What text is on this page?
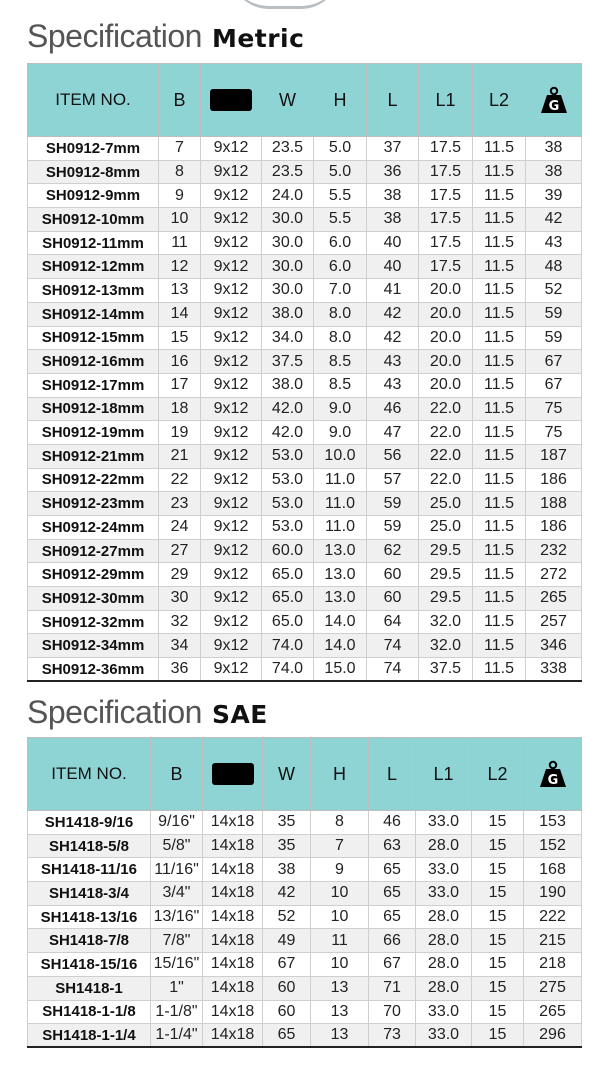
Specification Metric
ITEM NO.	B		W	H	L	L1	L2	G

SH0912-7mm	7	9x12	23.5	5.0	37	17.5	11.5	38
SH0912-8mm	8	9x12	23.5	5.0	36	17.5	11.5	38
SH0912-9mm	9	9x12	24.0	5.5	38	17.5	11.5	39
SH0912-10mm	10	9x12	30.0	5.5	38	17.5	11.5	42
SH0912-11mm	11	9x12	30.0	6.0	40	17.5	11.5	43
SH0912-12mm	12	9x12	30.0	6.0	40	17.5	11.5	48
SH0912-13mm	13	9x12	30.0	7.0	41	20.0	11.5	52
SH0912-14mm	14	9x12	38.0	8.0	42	20.0	11.5	59
SH0912-15mm	15	9x12	34.0	8.0	42	20.0	11.5	59
SH0912-16mm	16	9x12	37.5	8.5	43	20.0	11.5	67
SH0912-17mm	17	9x12	38.0	8.5	43	20.0	11.5	67
SH0912-18mm	18	9x12	42.0	9.0	46	22.0	11.5	75
SH0912-19mm	19	9x12	42.0	9.0	47	22.0	11.5	75
SH0912-21mm	21	9x12	53.0	10.0	56	22.0	11.5	187
SH0912-22mm	22	9x12	53.0	11.0	57	22.0	11.5	186
SH0912-23mm	23	9x12	53.0	11.0	59	25.0	11.5	188
SH0912-24mm	24	9x12	53.0	11.0	59	25.0	11.5	186
SH0912-27mm	27	9x12	60.0	13.0	62	29.5	11.5	232
SH0912-29mm	29	9x12	65.0	13.0	60	29.5	11.5	272
SH0912-30mm	30	9x12	65.0	13.0	60	29.5	11.5	265
SH0912-32mm	32	9x12	65.0	14.0	64	32.0	11.5	257
SH0912-34mm	34	9x12	74.0	14.0	74	32.0	11.5	346
SH0912-36mm	36	9x12	74.0	15.0	74	37.5	11.5	338
Specification SAE
ITEM NO.	B		W	H	L	L1	L2	G

SH1418-9/16	9/16"	14x18	35	8	46	33.0	15	153
SH1418-5/8	5/8"	14x18	35	7	63	28.0	15	152
SH1418-11/16	11/16"	14x18	38	9	65	33.0	15	168
SH1418-3/4	3/4"	14x18	42	10	65	33.0	15	190
SH1418-13/16	13/16"	14x18	52	10	65	28.0	15	222
SH1418-7/8	7/8"	14x18	49	11	66	28.0	15	215
SH1418-15/16	15/16"	14x18	67	10	67	28.0	15	218
SH1418-1	1"	14x18	60	13	71	28.0	15	275
SH1418-1-1/8	1-1/8"	14x18	60	13	70	33.0	15	265
SH1418-1-1/4	1-1/4"	14x18	65	13	73	33.0	15	296
